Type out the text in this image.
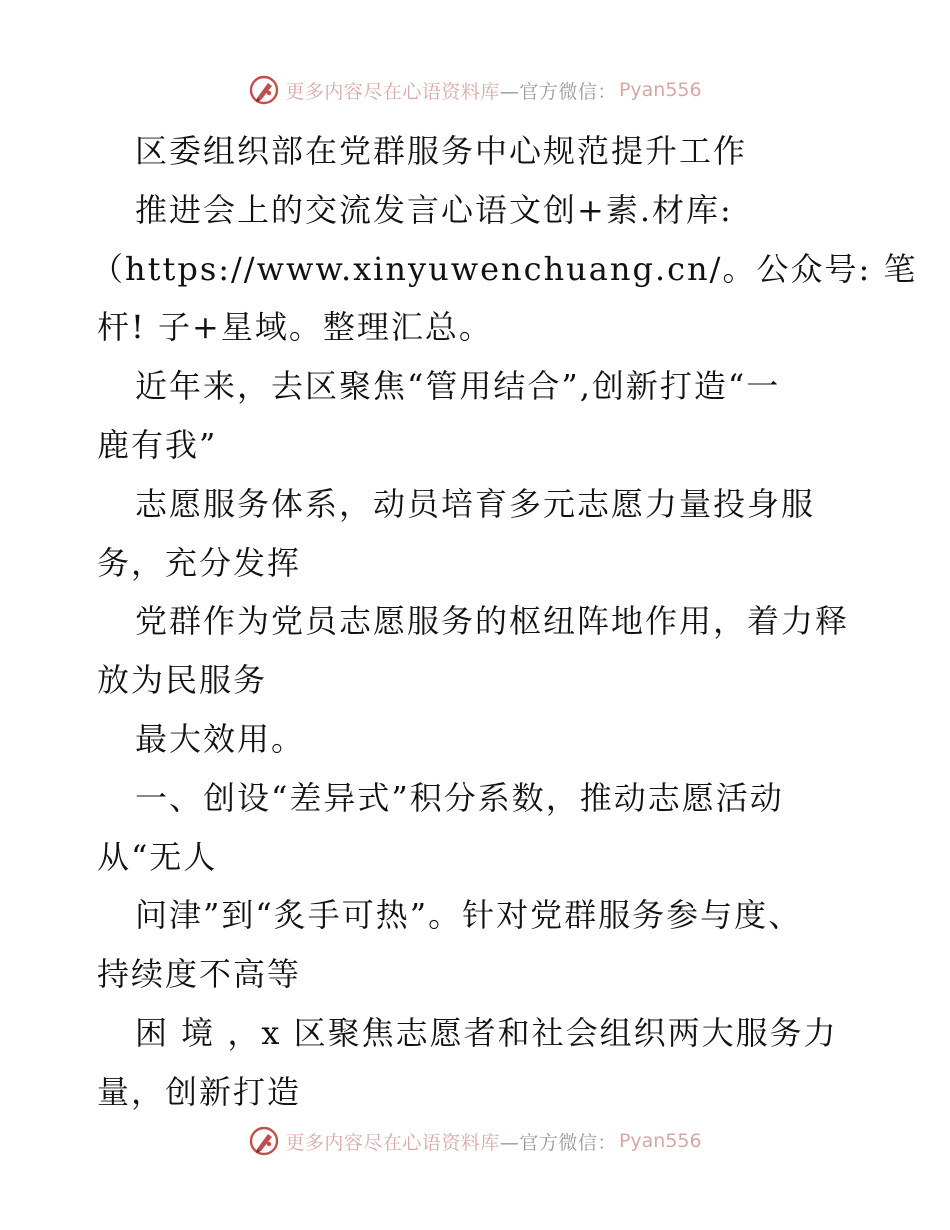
更多内容尽在心语资料库 —官方微信： Pyan556
区委组织部在党群服务中心规范提升工作
推进会上的交流发言心语文创+素.材库:
（https://www.xinyuwenchuang.cn/。公众号: 笔
杆! 子+星域。整理汇总。
近年来，去区聚焦“管用结合”,创新打造“一
鹿有我”
志愿服务体系，动员培育多元志愿力量投身服
务，充分发挥
党群作为党员志愿服务的枢纽阵地作用，着力释
放为民服务
最大效用。
一、创设“差异式”积分系数，推动志愿活动
从“无人
问津”到“炙手可热”。针对党群服务参与度、
持续度不高等
困 境 ，x 区聚焦志愿者和社会组织两大服务力
量，创新打造
更多内容尽在心语资料库 —官方微信： Pyan556
